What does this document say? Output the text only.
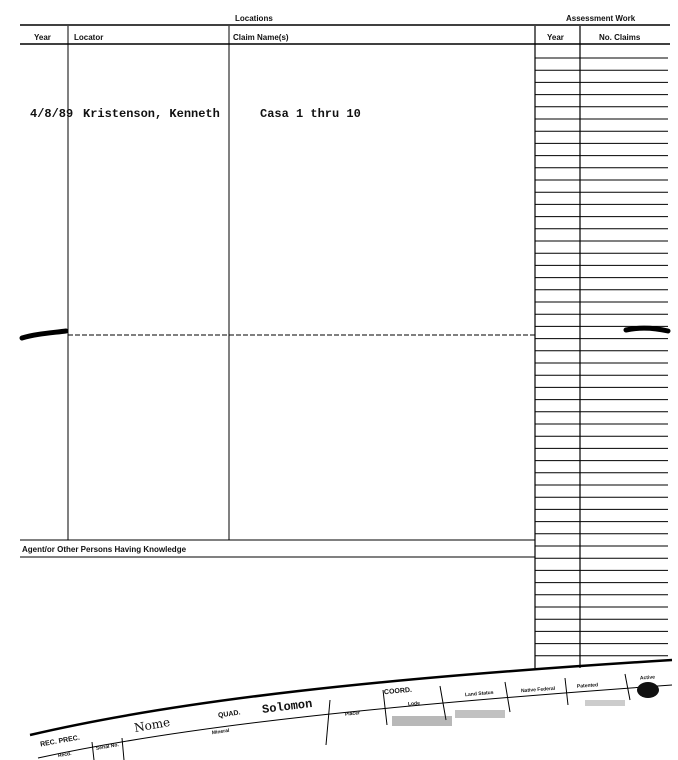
Locations	Assessment Work
Year	Locator	Claim Name(s)	Year	No. Claims
4/8/89 Kristenson, Kenneth	Casa 1 thru 10
Agent/or Other Persons Having Knowledge
REC. PREC.
Nome
QUAD. Solomon
COORD.
Mineral
Placer
Lode
Land Status	Native Federal	Patented
Active
Serial No.
Recd.
